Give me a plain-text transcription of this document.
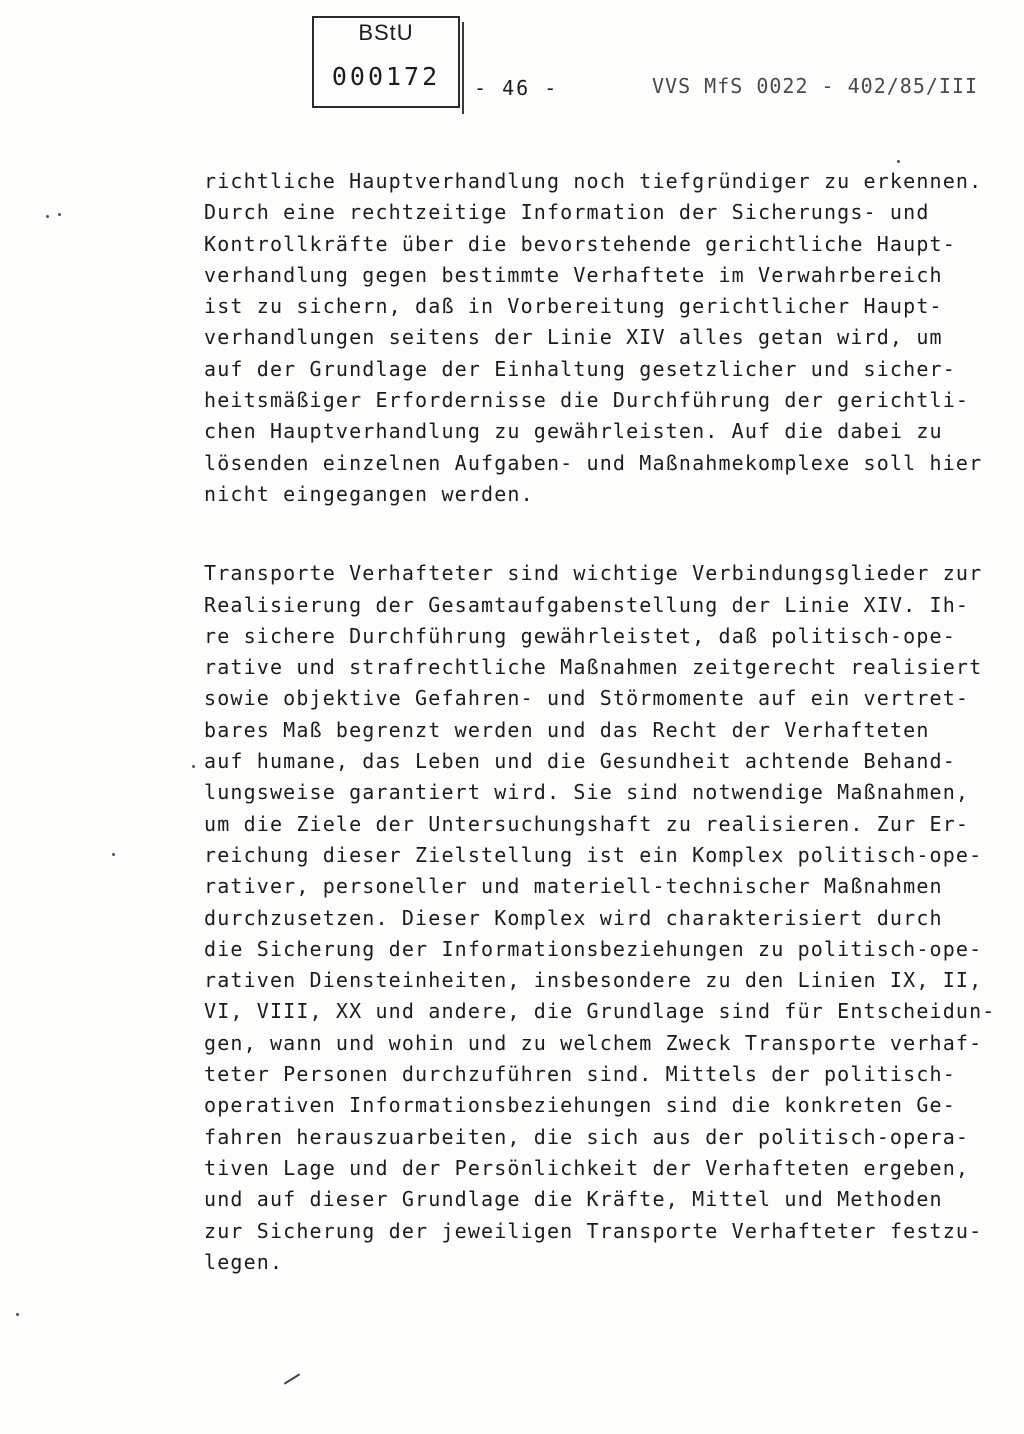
BStU
000172	- 46 -	VVS MfS 0022 - 402/85/III
richtliche Hauptverhandlung noch tiefgründiger zu erkennen.
Durch eine rechtzeitige Information der Sicherungs- und
Kontrollkräfte über die bevorstehende gerichtliche Haupt-
verhandlung gegen bestimmte Verhaftete im Verwahrbereich
ist zu sichern, daß in Vorbereitung gerichtlicher Haupt-
verhandlungen seitens der Linie XIV alles getan wird, um
auf der Grundlage der Einhaltung gesetzlicher und sicher-
heitsmäßiger Erfordernisse die Durchführung der gerichtli-
chen Hauptverhandlung zu gewährleisten. Auf die dabei zu
lösenden einzelnen Aufgaben- und Maßnahmekomplexe soll hier
nicht eingegangen werden.
Transporte Verhafteter sind wichtige Verbindungsglieder zur
Realisierung der Gesamtaufgabenstellung der Linie XIV. Ih-
re sichere Durchführung gewährleistet, daß politisch-ope-
rative und strafrechtliche Maßnahmen zeitgerecht realisiert
sowie objektive Gefahren- und Störmomente auf ein vertret-
bares Maß begrenzt werden und das Recht der Verhafteten
auf humane, das Leben und die Gesundheit achtende Behand-
lungsweise garantiert wird. Sie sind notwendige Maßnahmen,
um die Ziele der Untersuchungshaft zu realisieren. Zur Er-
reichung dieser Zielstellung ist ein Komplex politisch-ope-
rativer, personeller und materiell-technischer Maßnahmen
durchzusetzen. Dieser Komplex wird charakterisiert durch
die Sicherung der Informationsbeziehungen zu politisch-ope-
rativen Diensteinheiten, insbesondere zu den Linien IX, II,
VI, VIII, XX und andere, die Grundlage sind für Entscheidun-
gen, wann und wohin und zu welchem Zweck Transporte verhaf-
teter Personen durchzuführen sind. Mittels der politisch-
operativen Informationsbeziehungen sind die konkreten Ge-
fahren herauszuarbeiten, die sich aus der politisch-opera-
tiven Lage und der Persönlichkeit der Verhafteten ergeben,
und auf dieser Grundlage die Kräfte, Mittel und Methoden
zur Sicherung der jeweiligen Transporte Verhafteter festzu-
legen.
